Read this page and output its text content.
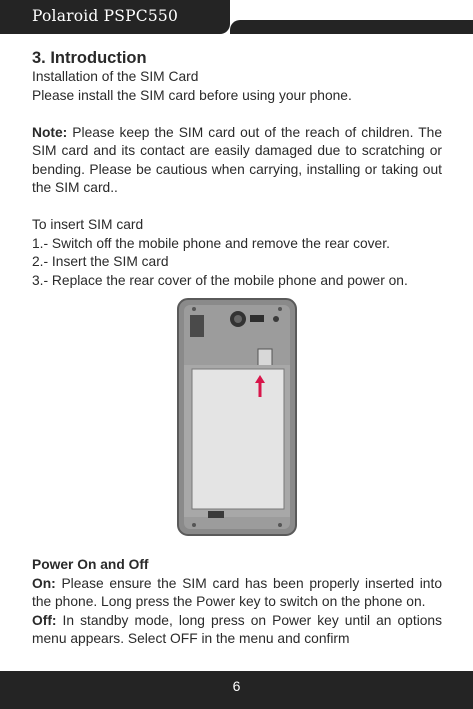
Polaroid PSPC550

3. Introduction

Installation of the SIM Card

Please install the SIM card before using your phone.

Note: Please keep the SIM card out of the reach of children. The SIM card and its contact are easily damaged due to scratching or bending. Please be cautious when carrying, installing or taking out the SIM card..

To insert SIM card

1.- Switch off the mobile phone and remove the rear cover.

2.- Insert the SIM card

3.- Replace the rear cover of the mobile phone and power on.

Power On and Off

On: Please ensure the SIM card has been properly inserted into the phone. Long press the Power key to switch on the phone on.

Off: In standby mode, long press on Power key until an options menu appears. Select OFF in the menu and confirm

6
